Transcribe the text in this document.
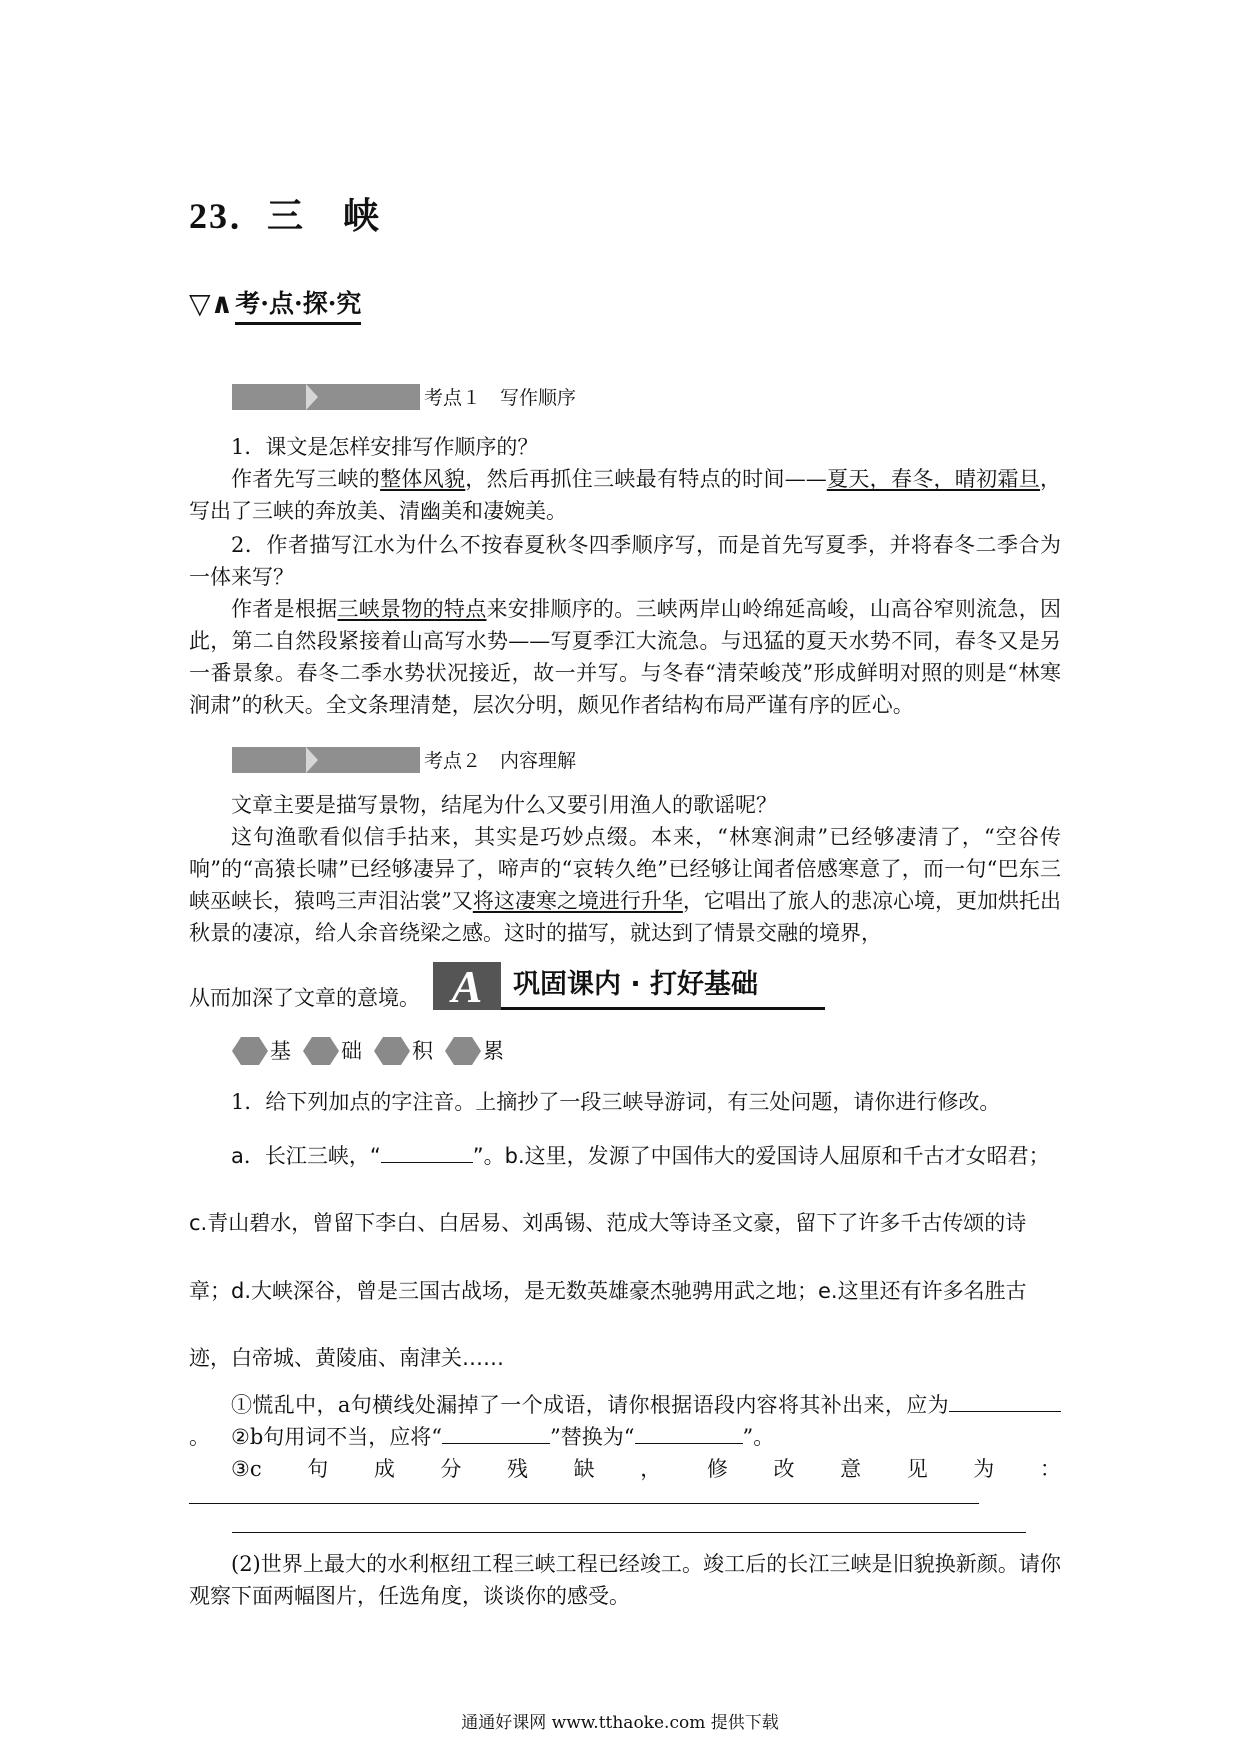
23．三　峡
▽∧ 考·点·探·究
考点１　写作顺序
1．课文是怎样安排写作顺序的？
作者先写三峡的整体风貌，然后再抓住三峡最有特点的时间——夏天，春冬，晴初霜旦，写出了三峡的奔放美、清幽美和凄婉美。
2．作者描写江水为什么不按春夏秋冬四季顺序写，而是首先写夏季，并将春冬二季合为一体来写？
作者是根据三峡景物的特点来安排顺序的。三峡两岸山岭绵延高峻，山高谷窄则流急，因此，第二自然段紧接着山高写水势——写夏季江大流急。与迅猛的夏天水势不同，春冬又是另一番景象。春冬二季水势状况接近，故一并写。与冬春“清荣峻茂”形成鲜明对照的则是“林寒涧肃”的秋天。全文条理清楚，层次分明，颇见作者结构布局严谨有序的匠心。
考点２　内容理解
文章主要是描写景物，结尾为什么又要引用渔人的歌谣呢？
这句渔歌看似信手拈来，其实是巧妙点缀。本来，“林寒涧肃”已经够凄清了，“空谷传响”的“高猿长啸”已经够凄异了，啼声的“哀转久绝”已经够让闻者倍感寒意了，而一句“巴东三峡巫峡长，猿鸣三声泪沾裳”又将这凄寒之境进行升华，它唱出了旅人的悲凉心境，更加烘托出秋景的凄凉，给人余音绕梁之感。这时的描写，就达到了情景交融的境界，
从而加深了文章的意境。 A	巩固课内 · 打好基础
基 础 积 累
1．给下列加点的字注音。上摘抄了一段三峡导游词，有三处问题，请你进行修改。
a．长江三峡，“	”。b.这里，发源了中国伟大的爱国诗人屈原和千古才女昭君；
c.青山碧水，曾留下李白、白居易、刘禹锡、范成大等诗圣文豪，留下了许多千古传颂的诗
章；d.大峡深谷，曾是三国古战场，是无数英雄豪杰驰骋用武之地；e.这里还有许多名胜古
迹，白帝城、黄陵庙、南津关……
①慌乱中，a句横线处漏掉了一个成语，请你根据语段内容将其补出来，应为。	②b句用词不当，应将“	”替换为“	”。
③c 句 成 分 残 缺 ， 修 改 意 见 为 ：
(2)世界上最大的水利枢纽工程三峡工程已经竣工。竣工后的长江三峡是旧貌换新颜。请你观察下面两幅图片，任选角度，谈谈你的感受。
通通好课网 www.tthaoke.com 提供下载
